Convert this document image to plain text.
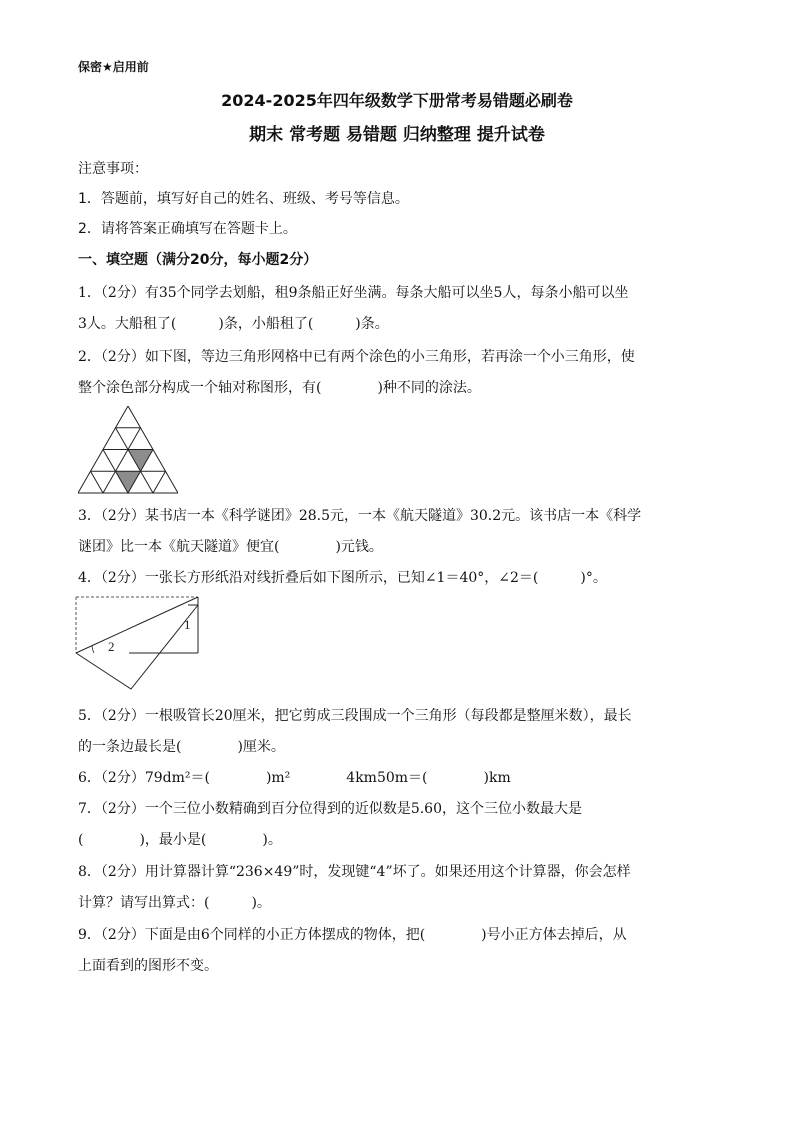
保密★启用前
2024-2025年四年级数学下册常考易错题必刷卷
期末 常考题 易错题 归纳整理 提升试卷
注意事项：
1．答题前，填写好自己的姓名、班级、考号等信息。
2．请将答案正确填写在答题卡上。
一、填空题（满分20分，每小题2分）
1．（2分）有35个同学去划船，租9条船正好坐满。每条大船可以坐5人，每条小船可以坐
3人。大船租了(　　　)条，小船租了(　　　)条。
2．（2分）如下图，等边三角形网格中已有两个涂色的小三角形，若再涂一个小三角形，使
整个涂色部分构成一个轴对称图形，有(　　　　)种不同的涂法。
3．（2分）某书店一本《科学谜团》28.5元，一本《航天隧道》30.2元。该书店一本《科学
谜团》比一本《航天隧道》便宜(　　　　)元钱。
4．（2分）一张长方形纸沿对线折叠后如下图所示，已知∠1＝40°，∠2＝(　　　)°。
2
1
5．（2分）一根吸管长20厘米，把它剪成三段围成一个三角形（每段都是整厘米数），最长
的一条边最长是(　　　　)厘米。
6．（2分）79dm²＝(　　　　)m²　　　　4km50m＝(　　　　)km
7．（2分）一个三位小数精确到百分位得到的近似数是5.60，这个三位小数最大是
(　　　　)，最小是(　　　　)。
8．（2分）用计算器计算“236×49”时，发现键“4”坏了。如果还用这个计算器，你会怎样
计算？请写出算式：(　　　)。
9．（2分）下面是由6个同样的小正方体摆成的物体，把(　　　　)号小正方体去掉后，从
上面看到的图形不变。
